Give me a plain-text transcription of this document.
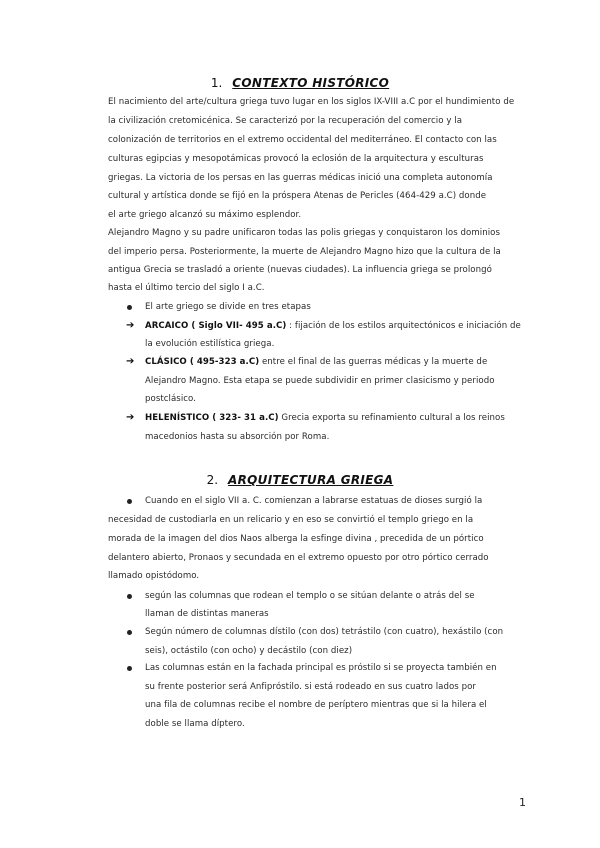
1. CONTEXTO HISTÓRICO
El nacimiento del arte/cultura griega tuvo lugar en los siglos IX-VIII a.C por el hundimiento de
la civilización cretomicénica. Se caracterizó por la recuperación del comercio y la
colonización de territorios en el extremo occidental del mediterráneo. El contacto con las
culturas egipcias y mesopotámicas provocó la eclosión de la arquitectura y esculturas
griegas. La victoria de los persas en las guerras médicas inició una completa autonomía
cultural y artística donde se fijó en la próspera Atenas de Pericles (464-429 a.C) donde
el arte griego alcanzó su máximo esplendor.
Alejandro Magno y su padre unificaron todas las polis griegas y conquistaron los dominios
del imperio persa. Posteriormente, la muerte de Alejandro Magno hizo que la cultura de la
antigua Grecia se trasladó a oriente (nuevas ciudades). La influencia griega se prolongó
hasta el último tercio del siglo I a.C.
El arte griego se divide en tres etapas
➔ ARCAICO ( Siglo VII- 495 a.C) : fijación de los estilos arquitectónicos e iniciación de
la evolución estilística griega.
➔ CLÁSICO ( 495-323 a.C) entre el final de las guerras médicas y la muerte de
Alejandro Magno. Esta etapa se puede subdividir en primer clasicismo y periodo
postclásico.
➔ HELENÍSTICO ( 323- 31 a.C) Grecia exporta su refinamiento cultural a los reinos
macedonios hasta su absorción por Roma.
2. ARQUITECTURA GRIEGA
Cuando en el siglo VII a. C. comienzan a labrarse estatuas de dioses surgió la
necesidad de custodiarla en un relicario y en eso se convirtió el templo griego en la
morada de la imagen del dios Naos alberga la esfinge divina , precedida de un pórtico
delantero abierto, Pronaos y secundada en el extremo opuesto por otro pórtico cerrado
llamado opistódomo.
según las columnas que rodean el templo o se sitúan delante o atrás del se
llaman de distintas maneras
Según número de columnas dístilo (con dos) tetrástilo (con cuatro), hexástilo (con
seis), octástilo (con ocho) y decástilo (con diez)
Las columnas están en la fachada principal es próstilo si se proyecta también en
su frente posterior será Anfipróstilo. si está rodeado en sus cuatro lados por
una fila de columnas recibe el nombre de períptero mientras que si la hilera el
doble se llama díptero.
1
